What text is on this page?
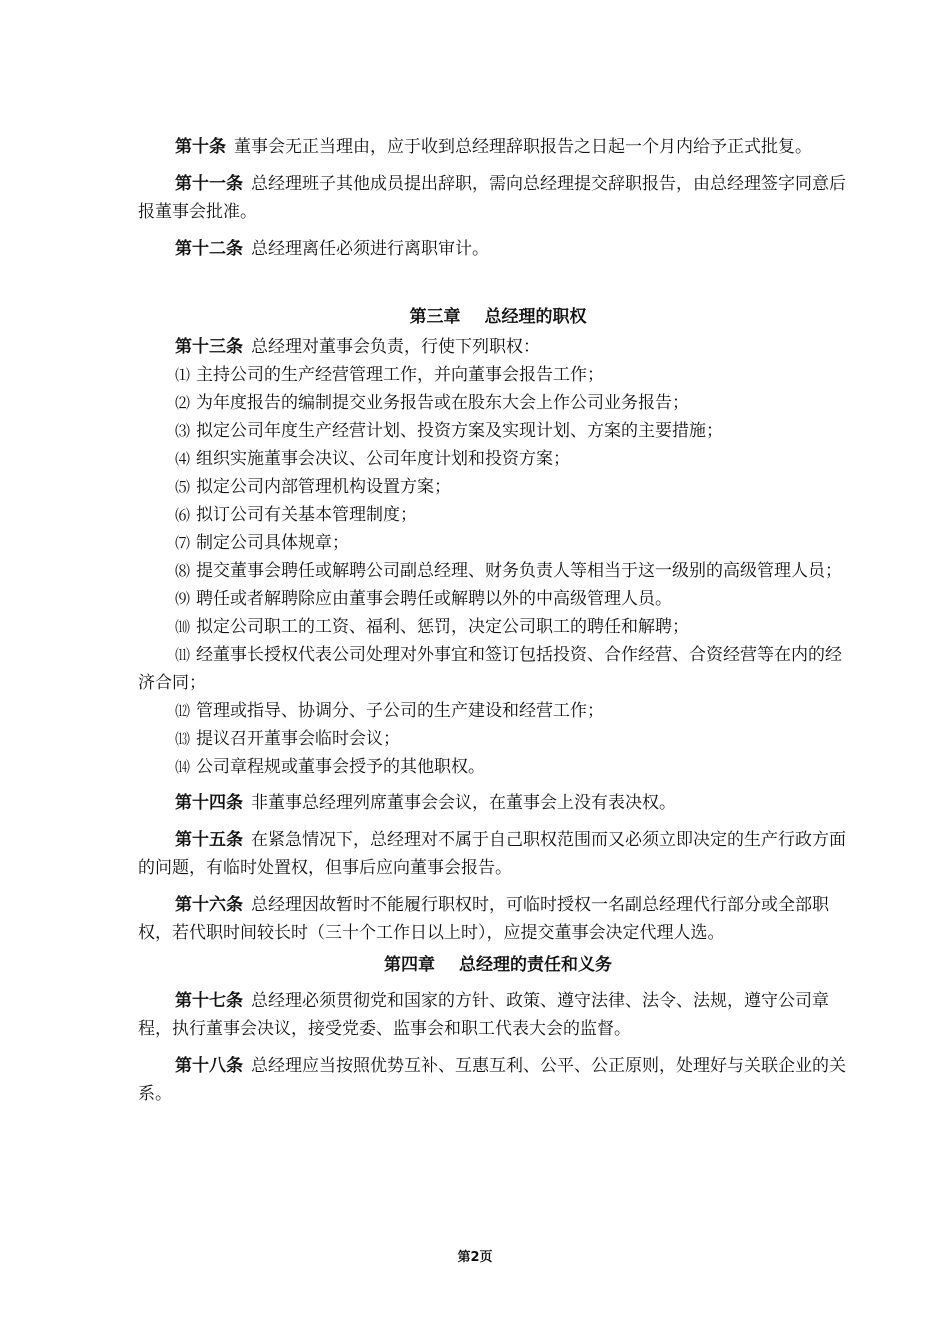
第十条 董事会无正当理由，应于收到总经理辞职报告之日起一个月内给予正式批复。

第十一条 总经理班子其他成员提出辞职，需向总经理提交辞职报告，由总经理签字同意后报董事会批准。

第十二条 总经理离任必须进行离职审计。

第三章 总经理的职权

第十三条 总经理对董事会负责，行使下列职权：

⑴ 主持公司的生产经营管理工作，并向董事会报告工作；

⑵ 为年度报告的编制提交业务报告或在股东大会上作公司业务报告；

⑶ 拟定公司年度生产经营计划、投资方案及实现计划、方案的主要措施；

⑷ 组织实施董事会决议、公司年度计划和投资方案；

⑸ 拟定公司内部管理机构设置方案；

⑹ 拟订公司有关基本管理制度；

⑺ 制定公司具体规章；

⑻ 提交董事会聘任或解聘公司副总经理、财务负责人等相当于这一级别的高级管理人员；

⑼ 聘任或者解聘除应由董事会聘任或解聘以外的中高级管理人员。

⑽ 拟定公司职工的工资、福利、惩罚，决定公司职工的聘任和解聘；

⑾ 经董事长授权代表公司处理对外事宜和签订包括投资、合作经营、合资经营等在内的经济合同；

⑿ 管理或指导、协调分、子公司的生产建设和经营工作；

⒀ 提议召开董事会临时会议；

⒁ 公司章程规或董事会授予的其他职权。

第十四条 非董事总经理列席董事会会议，在董事会上没有表决权。

第十五条 在紧急情况下，总经理对不属于自己职权范围而又必须立即决定的生产行政方面的问题，有临时处置权，但事后应向董事会报告。

第十六条 总经理因故暂时不能履行职权时，可临时授权一名副总经理代行部分或全部职权，若代职时间较长时（三十个工作日以上时），应提交董事会决定代理人选。

第四章 总经理的责任和义务

第十七条 总经理必须贯彻党和国家的方针、政策、遵守法律、法令、法规，遵守公司章程，执行董事会决议，接受党委、监事会和职工代表大会的监督。

第十八条 总经理应当按照优势互补、互惠互利、公平、公正原则，处理好与关联企业的关系。

第2页
